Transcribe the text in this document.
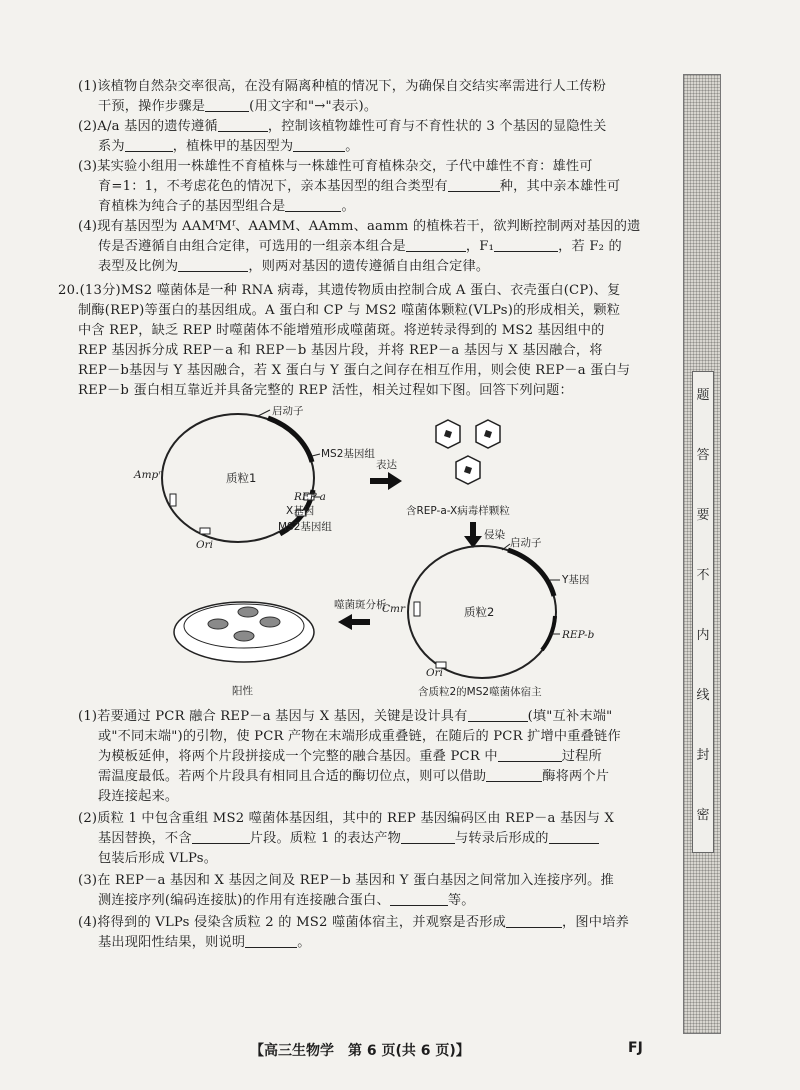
(1)该植物自然杂交率很高，在没有隔离种植的情况下，为确保自交结实率需进行人工传粉
干预，操作步骤是	(用文字和"→"表示)。
(2)A/a 基因的遗传遵循	，控制该植物雄性可育与不育性状的 3 个基因的显隐性关
系为	，植株甲的基因型为	。
(3)某实验小组用一株雄性不育植株与一株雄性可育植株杂交，子代中雄性不育：雄性可
育=1：1，不考虑花色的情况下，亲本基因型的组合类型有	种，其中亲本雄性可
育植株为纯合子的基因型组合是	。
(4)现有基因型为 AAMᶠMᶠ、AAMM、AAmm、aamm 的植株若干，欲判断控制两对基因的遗
传是否遵循自由组合定律，可选用的一组亲本组合是	，F₁	，若 F₂ 的
表型及比例为	，则两对基因的遗传遵循自由组合定律。
20.(13分)MS2 噬菌体是一种 RNA 病毒，其遗传物质由控制合成 A 蛋白、衣壳蛋白(CP)、复
制酶(REP)等蛋白的基因组成。A 蛋白和 CP 与 MS2 噬菌体颗粒(VLPs)的形成相关，颗粒
中含 REP，缺乏 REP 时噬菌体不能增殖形成噬菌斑。将逆转录得到的 MS2 基因组中的
REP 基因拆分成 REP－a 和 REP－b 基因片段，并将 REP－a 基因与 X 基因融合，将
REP－b基因与 Y 基因融合，若 X 蛋白与 Y 蛋白之间存在相互作用，则会使 REP－a 蛋白与
REP－b 蛋白相互靠近并具备完整的 REP 活性，相关过程如下图。回答下列问题：
启动子
MS2基因组
质粒1
Ampʳ
REP-a
X基因
MS2基因组
Ori
表达
含REP-a-X病毒样颗粒
侵染
启动子
Y基因
质粒2
Cmr
REP-b
Ori
含质粒2的MS2噬菌体宿主
噬菌斑分析
阳性
(1)若要通过 PCR 融合 REP－a 基因与 X 基因，关键是设计具有	(填"互补末端"
或"不同末端")的引物，使 PCR 产物在末端形成重叠链，在随后的 PCR 扩增中重叠链作
为模板延伸，将两个片段拼接成一个完整的融合基因。重叠 PCR 中	过程所
需温度最低。若两个片段具有相同且合适的酶切位点，则可以借助	酶将两个片
段连接起来。
(2)质粒 1 中包含重组 MS2 噬菌体基因组，其中的 REP 基因编码区由 REP－a 基因与 X
基因替换，不含	片段。质粒 1 的表达产物	与转录后形成的
包装后形成 VLPs。
(3)在 REP－a 基因和 X 基因之间及 REP－b 基因和 Y 蛋白基因之间常加入连接序列。推
测连接序列(编码连接肽)的作用有连接融合蛋白、	等。
(4)将得到的 VLPs 侵染含质粒 2 的 MS2 噬菌体宿主，并观察是否形成	，图中培养
基出现阳性结果，则说明	。
题
答
要
不
内
线
封
密
【高三生物学　第 6 页(共 6 页)】	FJ
